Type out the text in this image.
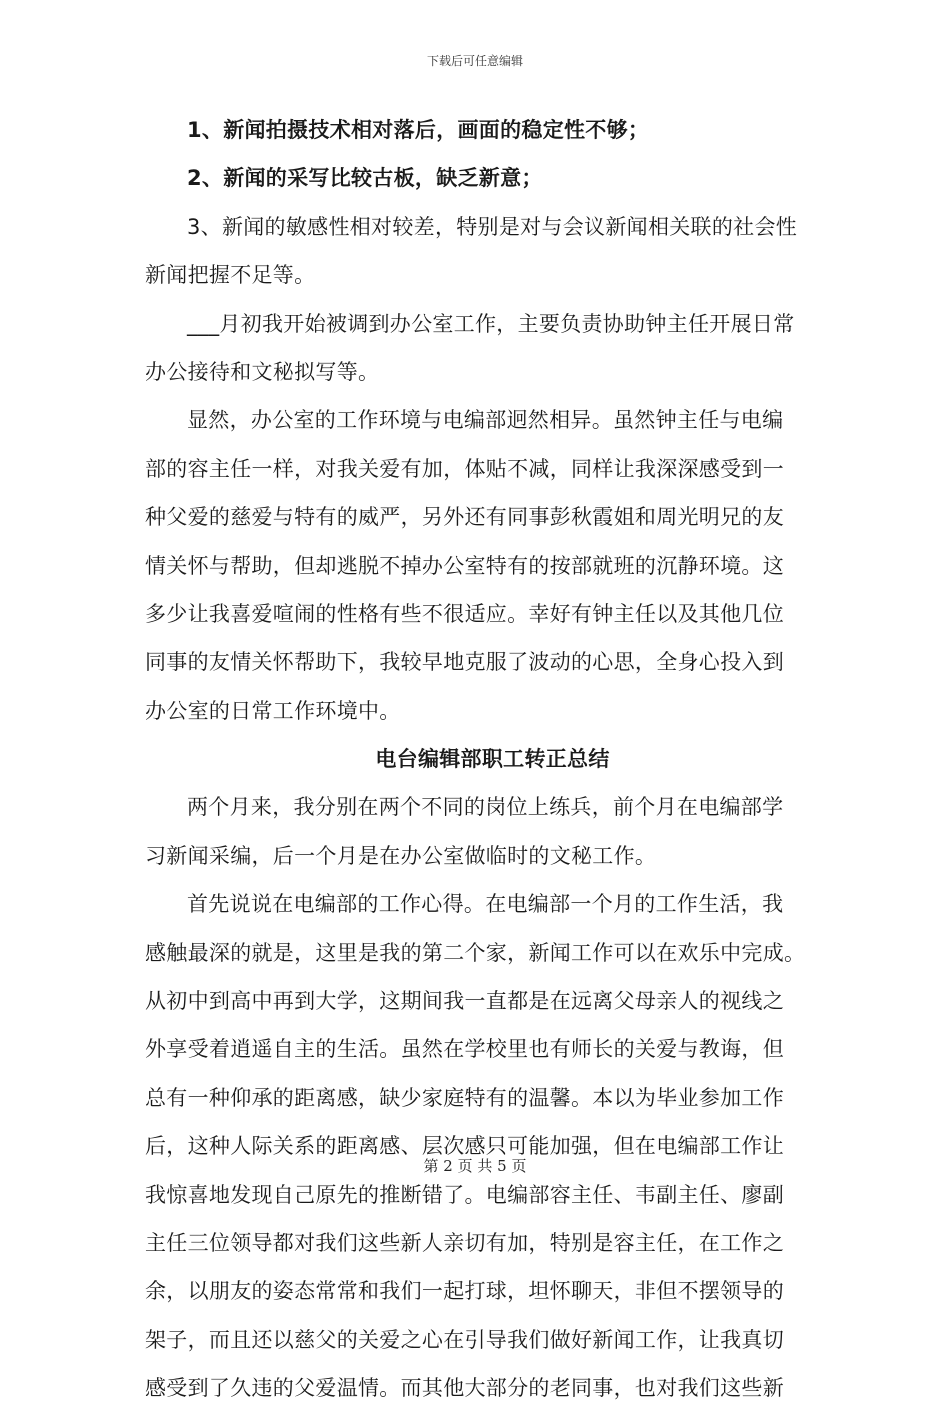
下载后可任意编辑
1、新闻拍摄技术相对落后，画面的稳定性不够；
2、新闻的采写比较古板，缺乏新意；
3、新闻的敏感性相对较差，特别是对与会议新闻相关联的社会性
新闻把握不足等。
___月初我开始被调到办公室工作，主要负责协助钟主任开展日常
办公接待和文秘拟写等。
显然，办公室的工作环境与电编部迥然相异。虽然钟主任与电编
部的容主任一样，对我关爱有加，体贴不减，同样让我深深感受到一
种父爱的慈爱与特有的威严，另外还有同事彭秋霞姐和周光明兄的友
情关怀与帮助，但却逃脱不掉办公室特有的按部就班的沉静环境。这
多少让我喜爱喧闹的性格有些不很适应。幸好有钟主任以及其他几位
同事的友情关怀帮助下，我较早地克服了波动的心思，全身心投入到
办公室的日常工作环境中。
电台编辑部职工转正总结
两个月来，我分别在两个不同的岗位上练兵，前个月在电编部学
习新闻采编，后一个月是在办公室做临时的文秘工作。
首先说说在电编部的工作心得。在电编部一个月的工作生活，我
感触最深的就是，这里是我的第二个家，新闻工作可以在欢乐中完成。
从初中到高中再到大学，这期间我一直都是在远离父母亲人的视线之
外享受着逍遥自主的生活。虽然在学校里也有师长的关爱与教诲，但
总有一种仰承的距离感，缺少家庭特有的温馨。本以为毕业参加工作
后，这种人际关系的距离感、层次感只可能加强，但在电编部工作让
我惊喜地发现自己原先的推断错了。电编部容主任、韦副主任、廖副
主任三位领导都对我们这些新人亲切有加，特别是容主任，在工作之
余，以朋友的姿态常常和我们一起打球，坦怀聊天，非但不摆领导的
架子，而且还以慈父的关爱之心在引导我们做好新闻工作，让我真切
感受到了久违的父爱温情。而其他大部分的老同事，也对我们这些新
第 2 页 共 5 页
